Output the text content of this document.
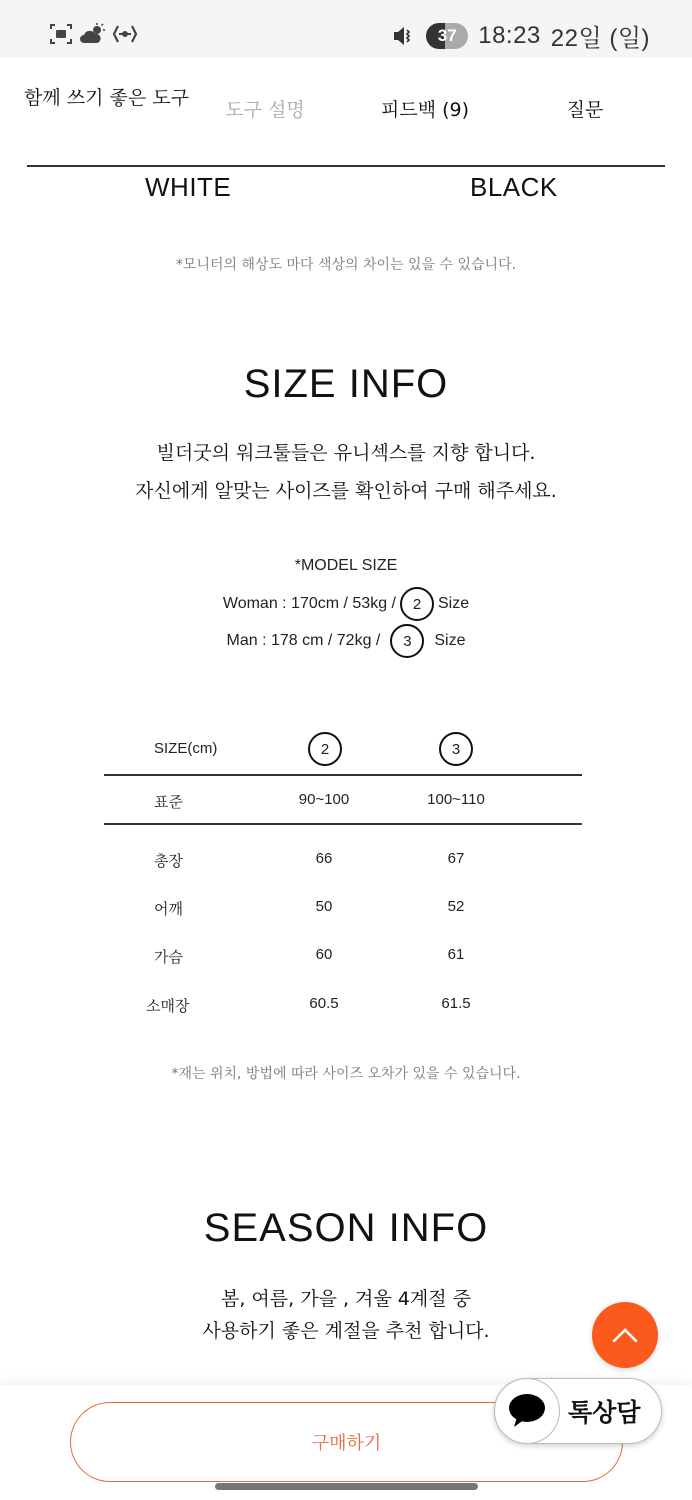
37 18:23 22일 (일)
함께 쓰기 좋은 도구
도구 설명	피드백 (9)	질문
WHITE	BLACK
*모니터의 해상도 마다 색상의 차이는 있을 수 있습니다.
SIZE INFO
빌더굿의 워크툴들은 유니섹스를 지향 합니다.
자신에게 알맞는 사이즈를 확인하여 구매 해주세요.
*MODEL SIZE
Woman : 170cm / 53kg /	2	Size
Man : 178 cm / 72kg /	3	Size
SIZE(cm)	2	3
표준	90~100	100~110
총장	66	67
어깨	50	52
가슴	60	61
소매장	60.5	61.5
*재는 위치, 방법에 따라 사이즈 오차가 있을 수 있습니다.
SEASON INFO
봄, 여름, 가을 , 겨울 4계절 중
사용하기 좋은 계절을 추천 합니다.
구매하기
톡상담
